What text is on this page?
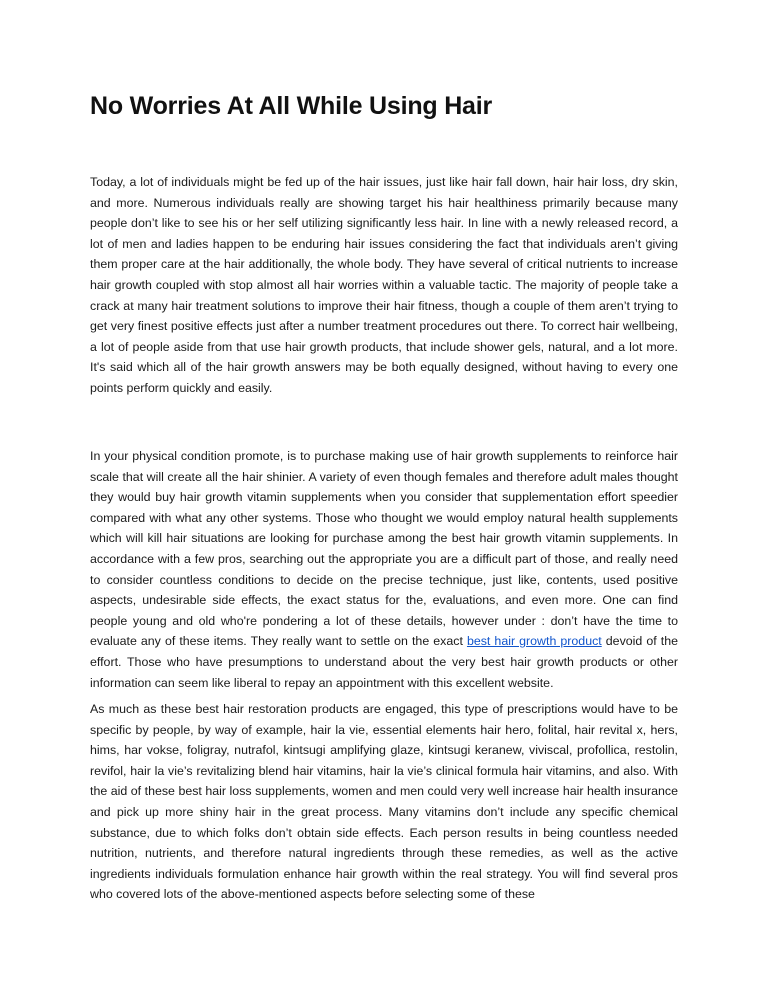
No Worries At All While Using Hair

Today, a lot of individuals might be fed up of the hair issues, just like hair fall down, hair hair loss, dry skin, and more. Numerous individuals really are showing target his hair healthiness primarily because many people don’t like to see his or her self utilizing significantly less hair. In line with a newly released record, a lot of men and ladies happen to be enduring hair issues considering the fact that individuals aren’t giving them proper care at the hair additionally, the whole body. They have several of critical nutrients to increase hair growth coupled with stop almost all hair worries within a valuable tactic. The majority of people take a crack at many hair treatment solutions to improve their hair fitness, though a couple of them aren’t trying to get very finest positive effects just after a number treatment procedures out there. To correct hair wellbeing, a lot of people aside from that use hair growth products, that include shower gels, natural, and a lot more. It's said which all of the hair growth answers may be both equally designed, without having to every one points perform quickly and easily.

In your physical condition promote, is to purchase making use of hair growth supplements to reinforce hair scale that will create all the hair shinier. A variety of even though females and therefore adult males thought they would buy hair growth vitamin supplements when you consider that supplementation effort speedier compared with what any other systems. Those who thought we would employ natural health supplements which will kill hair situations are looking for purchase among the best hair growth vitamin supplements. In accordance with a few pros, searching out the appropriate you are a difficult part of those, and really need to consider countless conditions to decide on the precise technique, just like, contents, used positive aspects, undesirable side effects, the exact status for the, evaluations, and even more. One can find people young and old who're pondering a lot of these details, however under : don’t have the time to evaluate any of these items. They really want to settle on the exact best hair growth product devoid of the effort. Those who have presumptions to understand about the very best hair growth products or other information can seem like liberal to repay an appointment with this excellent website.

As much as these best hair restoration products are engaged, this type of prescriptions would have to be specific by people, by way of example, hair la vie, essential elements hair hero, folital, hair revital x, hers, hims, har vokse, foligray, nutrafol, kintsugi amplifying glaze, kintsugi keranew, viviscal, profollica, restolin, revifol, hair la vie’s revitalizing blend hair vitamins, hair la vie’s clinical formula hair vitamins, and also. With the aid of these best hair loss supplements, women and men could very well increase hair health insurance and pick up more shiny hair in the great process. Many vitamins don’t include any specific chemical substance, due to which folks don’t obtain side effects. Each person results in being countless needed nutrition, nutrients, and therefore natural ingredients through these remedies, as well as the active ingredients individuals formulation enhance hair growth within the real strategy. You will find several pros who covered lots of the above-mentioned aspects before selecting some of these
